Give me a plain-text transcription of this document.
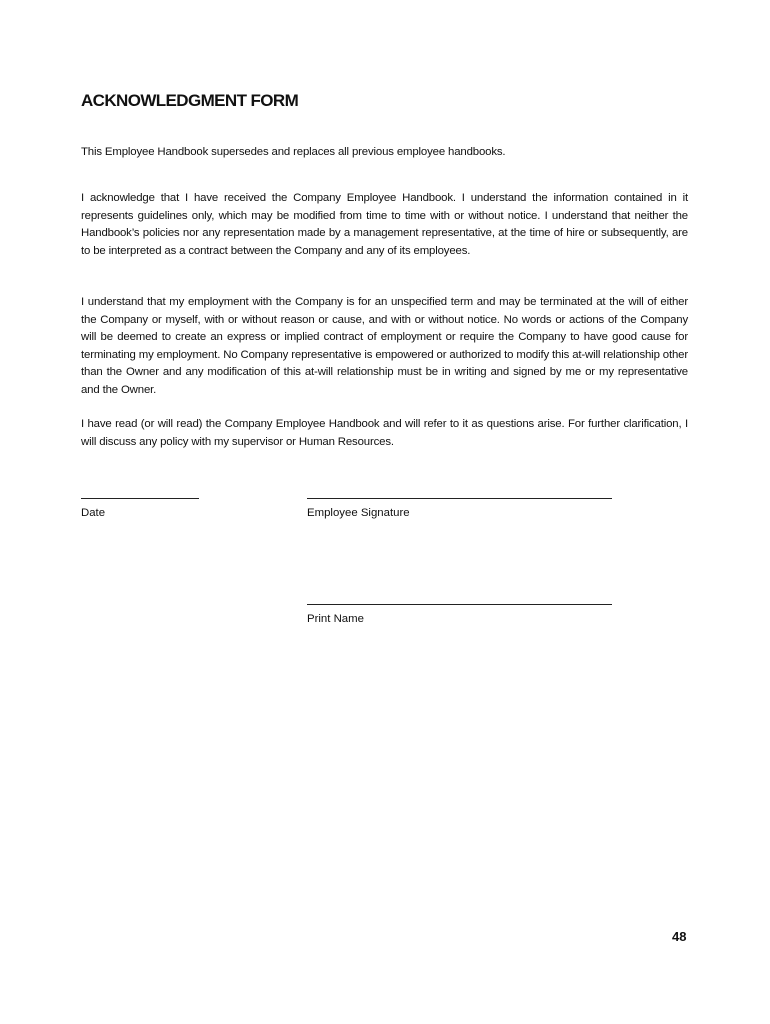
ACKNOWLEDGMENT FORM

This Employee Handbook supersedes and replaces all previous employee handbooks.

I acknowledge that I have received the Company Employee Handbook. I understand the information contained in it represents guidelines only, which may be modified from time to time with or without notice. I understand that neither the Handbook’s policies nor any representation made by a management representative, at the time of hire or subsequently, are to be interpreted as a contract between the Company and any of its employees.

I understand that my employment with the Company is for an unspecified term and may be terminated at the will of either the Company or myself, with or without reason or cause, and with or without notice. No words or actions of the Company will be deemed to create an express or implied contract of employment or require the Company to have good cause for terminating my employment. No Company representative is empowered or authorized to modify this at-will relationship other than the Owner and any modification of this at-will relationship must be in writing and signed by me or my representative and the Owner.

I have read (or will read) the Company Employee Handbook and will refer to it as questions arise. For further clarification, I will discuss any policy with my supervisor or Human Resources.

Date	Employee Signature
Print Name
48
